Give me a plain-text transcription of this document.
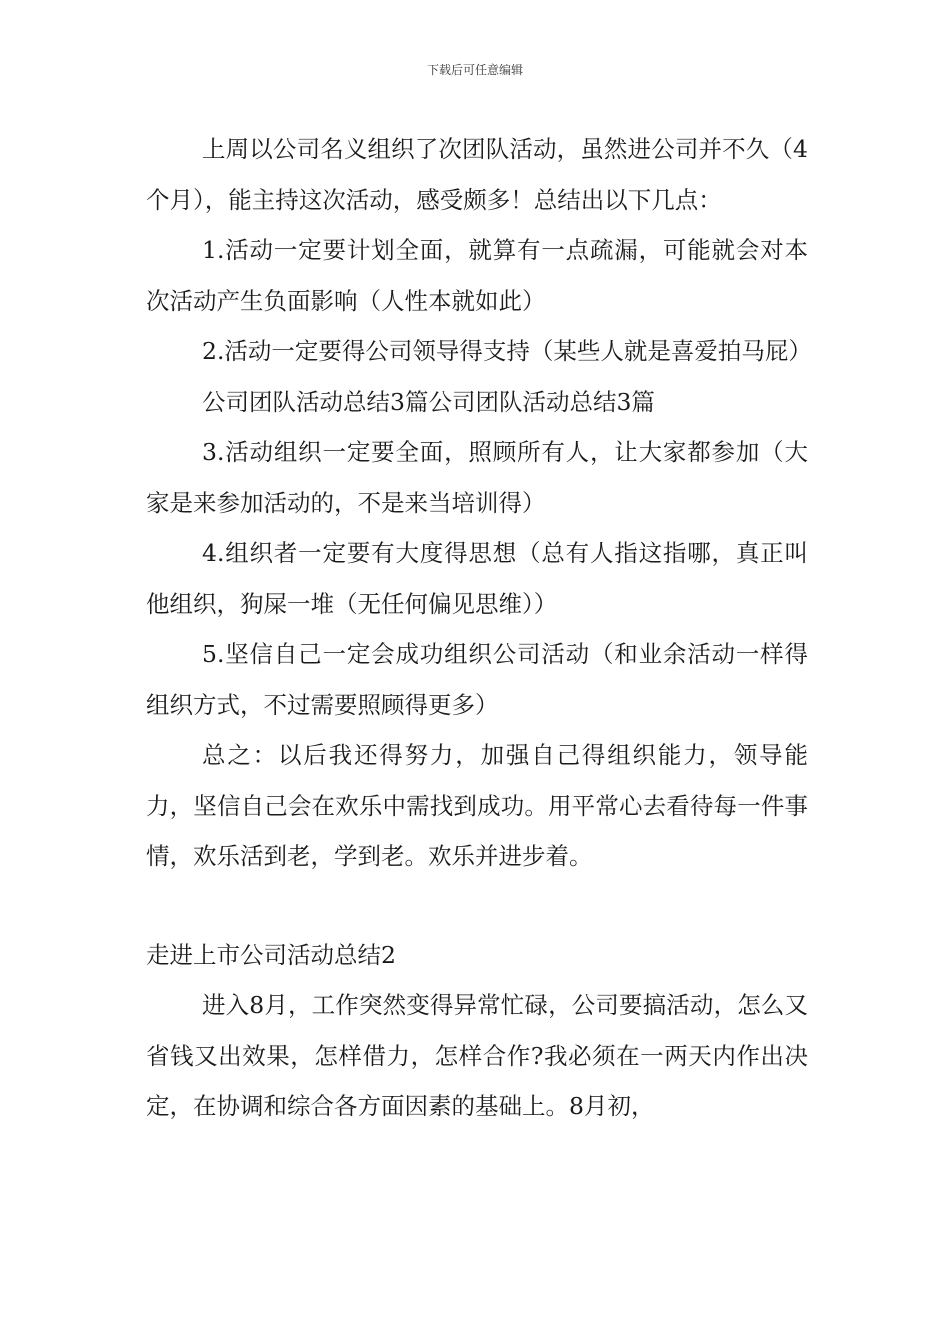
下载后可任意编辑

上周以公司名义组织了次团队活动，虽然进公司并不久（4个月），能主持这次活动，感受颇多！总结出以下几点：

1.活动一定要计划全面，就算有一点疏漏，可能就会对本次活动产生负面影响（人性本就如此）

2.活动一定要得公司领导得支持（某些人就是喜爱拍马屁）

公司团队活动总结3篇公司团队活动总结3篇

3.活动组织一定要全面，照顾所有人，让大家都参加（大家是来参加活动的，不是来当培训得）

4.组织者一定要有大度得思想（总有人指这指哪，真正叫他组织，狗屎一堆（无任何偏见思维））

5.坚信自己一定会成功组织公司活动（和业余活动一样得组织方式，不过需要照顾得更多）

总之：以后我还得努力，加强自己得组织能力，领导能力，坚信自己会在欢乐中需找到成功。用平常心去看待每一件事情，欢乐活到老，学到老。欢乐并进步着。

走进上市公司活动总结2

进入8月，工作突然变得异常忙碌，公司要搞活动，怎么又省钱又出效果，怎样借力，怎样合作?我必须在一两天内作出决定，在协调和综合各方面因素的基础上。8月初，
